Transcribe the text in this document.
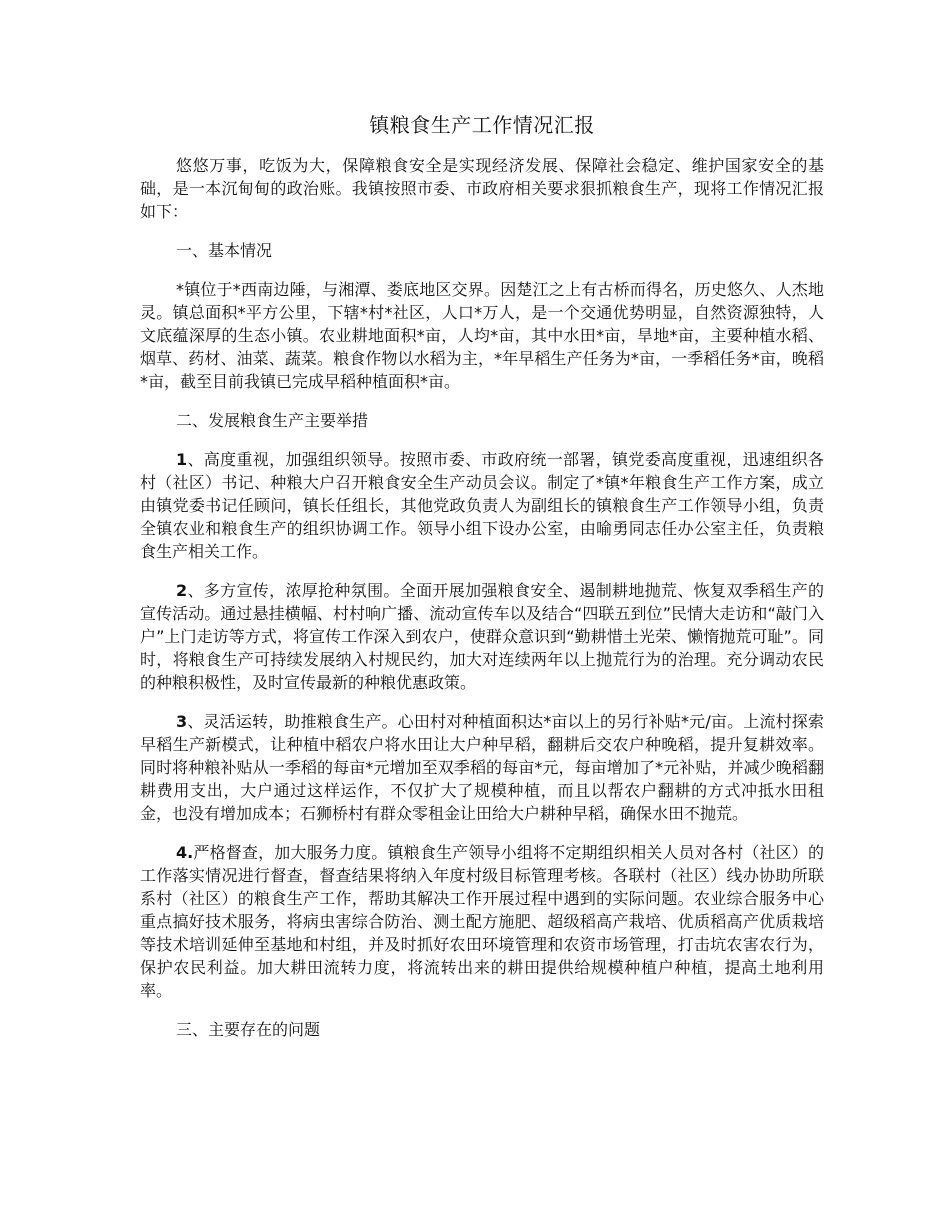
镇粮食生产工作情况汇报

悠悠万事，吃饭为大，保障粮食安全是实现经济发展、保障社会稳定、维护国家安全的基础，是一本沉甸甸的政治账。我镇按照市委、市政府相关要求狠抓粮食生产，现将工作情况汇报如下：

一、基本情况

*镇位于*西南边陲，与湘潭、娄底地区交界。因楚江之上有古桥而得名，历史悠久、人杰地灵。镇总面积*平方公里，下辖*村*社区，人口*万人，是一个交通优势明显，自然资源独特，人文底蕴深厚的生态小镇。农业耕地面积*亩，人均*亩，其中水田*亩，旱地*亩，主要种植水稻、烟草、药材、油菜、蔬菜。粮食作物以水稻为主，*年早稻生产任务为*亩，一季稻任务*亩，晚稻*亩，截至目前我镇已完成早稻种植面积*亩。

二、发展粮食生产主要举措

1、高度重视，加强组织领导。按照市委、市政府统一部署，镇党委高度重视，迅速组织各村（社区）书记、种粮大户召开粮食安全生产动员会议。制定了*镇*年粮食生产工作方案，成立由镇党委书记任顾问，镇长任组长，其他党政负责人为副组长的镇粮食生产工作领导小组，负责全镇农业和粮食生产的组织协调工作。领导小组下设办公室，由喻勇同志任办公室主任，负责粮食生产相关工作。

2、多方宣传，浓厚抢种氛围。全面开展加强粮食安全、遏制耕地抛荒、恢复双季稻生产的宣传活动。通过悬挂横幅、村村响广播、流动宣传车以及结合“四联五到位”民情大走访和“敲门入户”上门走访等方式，将宣传工作深入到农户，使群众意识到“勤耕惜土光荣、懒惰抛荒可耻”。同时，将粮食生产可持续发展纳入村规民约，加大对连续两年以上抛荒行为的治理。充分调动农民的种粮积极性，及时宣传最新的种粮优惠政策。

3、灵活运转，助推粮食生产。心田村对种植面积达*亩以上的另行补贴*元/亩。上流村探索早稻生产新模式，让种植中稻农户将水田让大户种早稻，翻耕后交农户种晚稻，提升复耕效率。同时将种粮补贴从一季稻的每亩*元增加至双季稻的每亩*元，每亩增加了*元补贴，并减少晚稻翻耕费用支出，大户通过这样运作，不仅扩大了规模种植，而且以帮农户翻耕的方式冲抵水田租金，也没有增加成本；石狮桥村有群众零租金让田给大户耕种早稻，确保水田不抛荒。

4.严格督查，加大服务力度。镇粮食生产领导小组将不定期组织相关人员对各村（社区）的工作落实情况进行督查，督查结果将纳入年度村级目标管理考核。各联村（社区）线办协助所联系村（社区）的粮食生产工作，帮助其解决工作开展过程中遇到的实际问题。农业综合服务中心重点搞好技术服务，将病虫害综合防治、测土配方施肥、超级稻高产栽培、优质稻高产优质栽培等技术培训延伸至基地和村组，并及时抓好农田环境管理和农资市场管理，打击坑农害农行为，保护农民利益。加大耕田流转力度，将流转出来的耕田提供给规模种植户种植，提高土地利用率。

三、主要存在的问题
